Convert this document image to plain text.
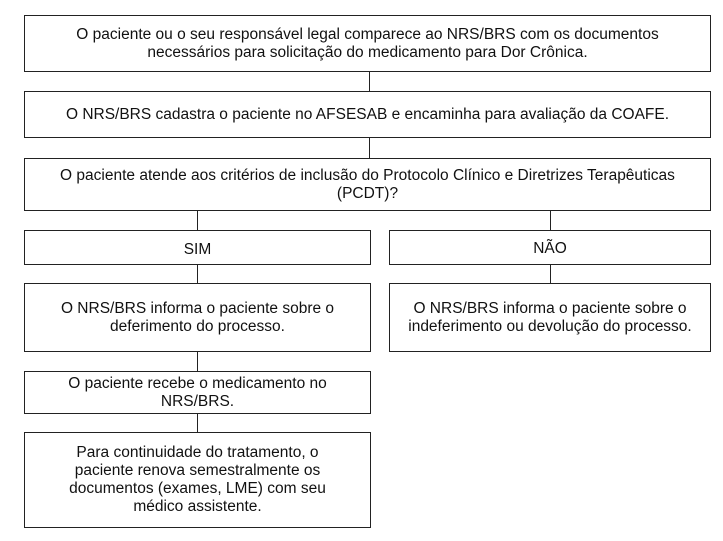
O paciente ou o seu responsável legal comparece ao NRS/BRS com os documentos necessários para solicitação do medicamento para Dor Crônica.
O NRS/BRS cadastra o paciente no AFSESAB e encaminha para avaliação da COAFE.
O paciente atende aos critérios de inclusão do Protocolo Clínico e Diretrizes Terapêuticas (PCDT)?
SIM	NÃO
O NRS/BRS informa o paciente sobre o deferimento do processo.
O NRS/BRS informa o paciente sobre o indeferimento ou devolução do processo.
O paciente recebe o medicamento no NRS/BRS.
Para continuidade do tratamento, o paciente renova semestralmente os documentos (exames, LME) com seu médico assistente.
